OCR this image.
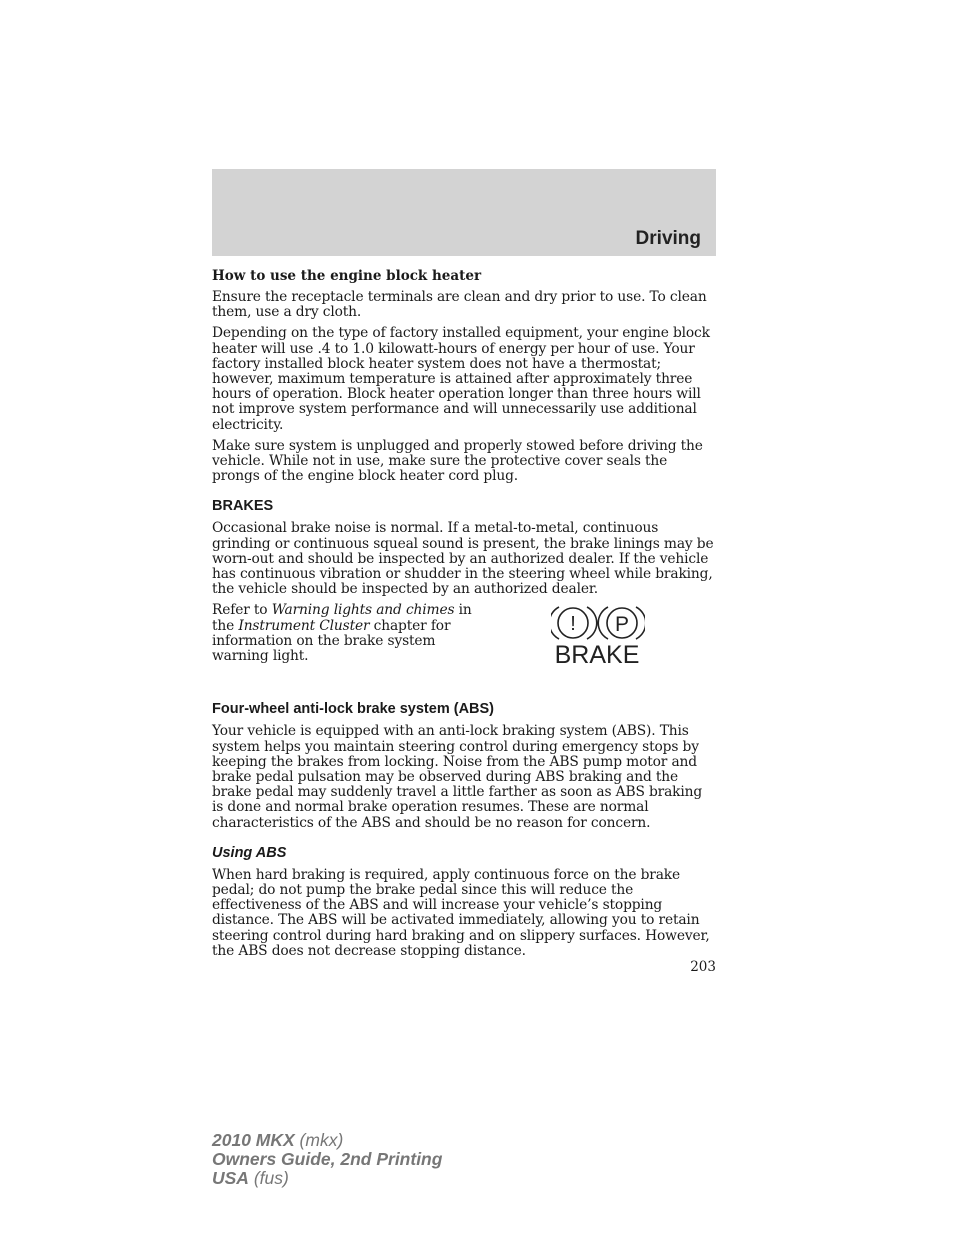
Driving
How to use the engine block heater

Ensure the receptacle terminals are clean and dry prior to use. To clean them, use a dry cloth.

Depending on the type of factory installed equipment, your engine block heater will use .4 to 1.0 kilowatt-hours of energy per hour of use. Your factory installed block heater system does not have a thermostat; however, maximum temperature is attained after approximately three hours of operation. Block heater operation longer than three hours will not improve system performance and will unnecessarily use additional electricity.

Make sure system is unplugged and properly stowed before driving the vehicle. While not in use, make sure the protective cover seals the prongs of the engine block heater cord plug.

BRAKES

Occasional brake noise is normal. If a metal-to-metal, continuous grinding or continuous squeal sound is present, the brake linings may be worn-out and should be inspected by an authorized dealer. If the vehicle has continuous vibration or shudder in the steering wheel while braking, the vehicle should be inspected by an authorized dealer.

Refer to Warning lights and chimes in the Instrument Cluster chapter for information on the brake system warning light.

! P
BRAKE
Four-wheel anti-lock brake system (ABS)

Your vehicle is equipped with an anti-lock braking system (ABS). This system helps you maintain steering control during emergency stops by keeping the brakes from locking. Noise from the ABS pump motor and brake pedal pulsation may be observed during ABS braking and the brake pedal may suddenly travel a little farther as soon as ABS braking is done and normal brake operation resumes. These are normal characteristics of the ABS and should be no reason for concern.

Using ABS

When hard braking is required, apply continuous force on the brake pedal; do not pump the brake pedal since this will reduce the effectiveness of the ABS and will increase your vehicle’s stopping distance. The ABS will be activated immediately, allowing you to retain steering control during hard braking and on slippery surfaces. However, the ABS does not decrease stopping distance.

203
2010 MKX (mkx)
Owners Guide, 2nd Printing
USA (fus)
